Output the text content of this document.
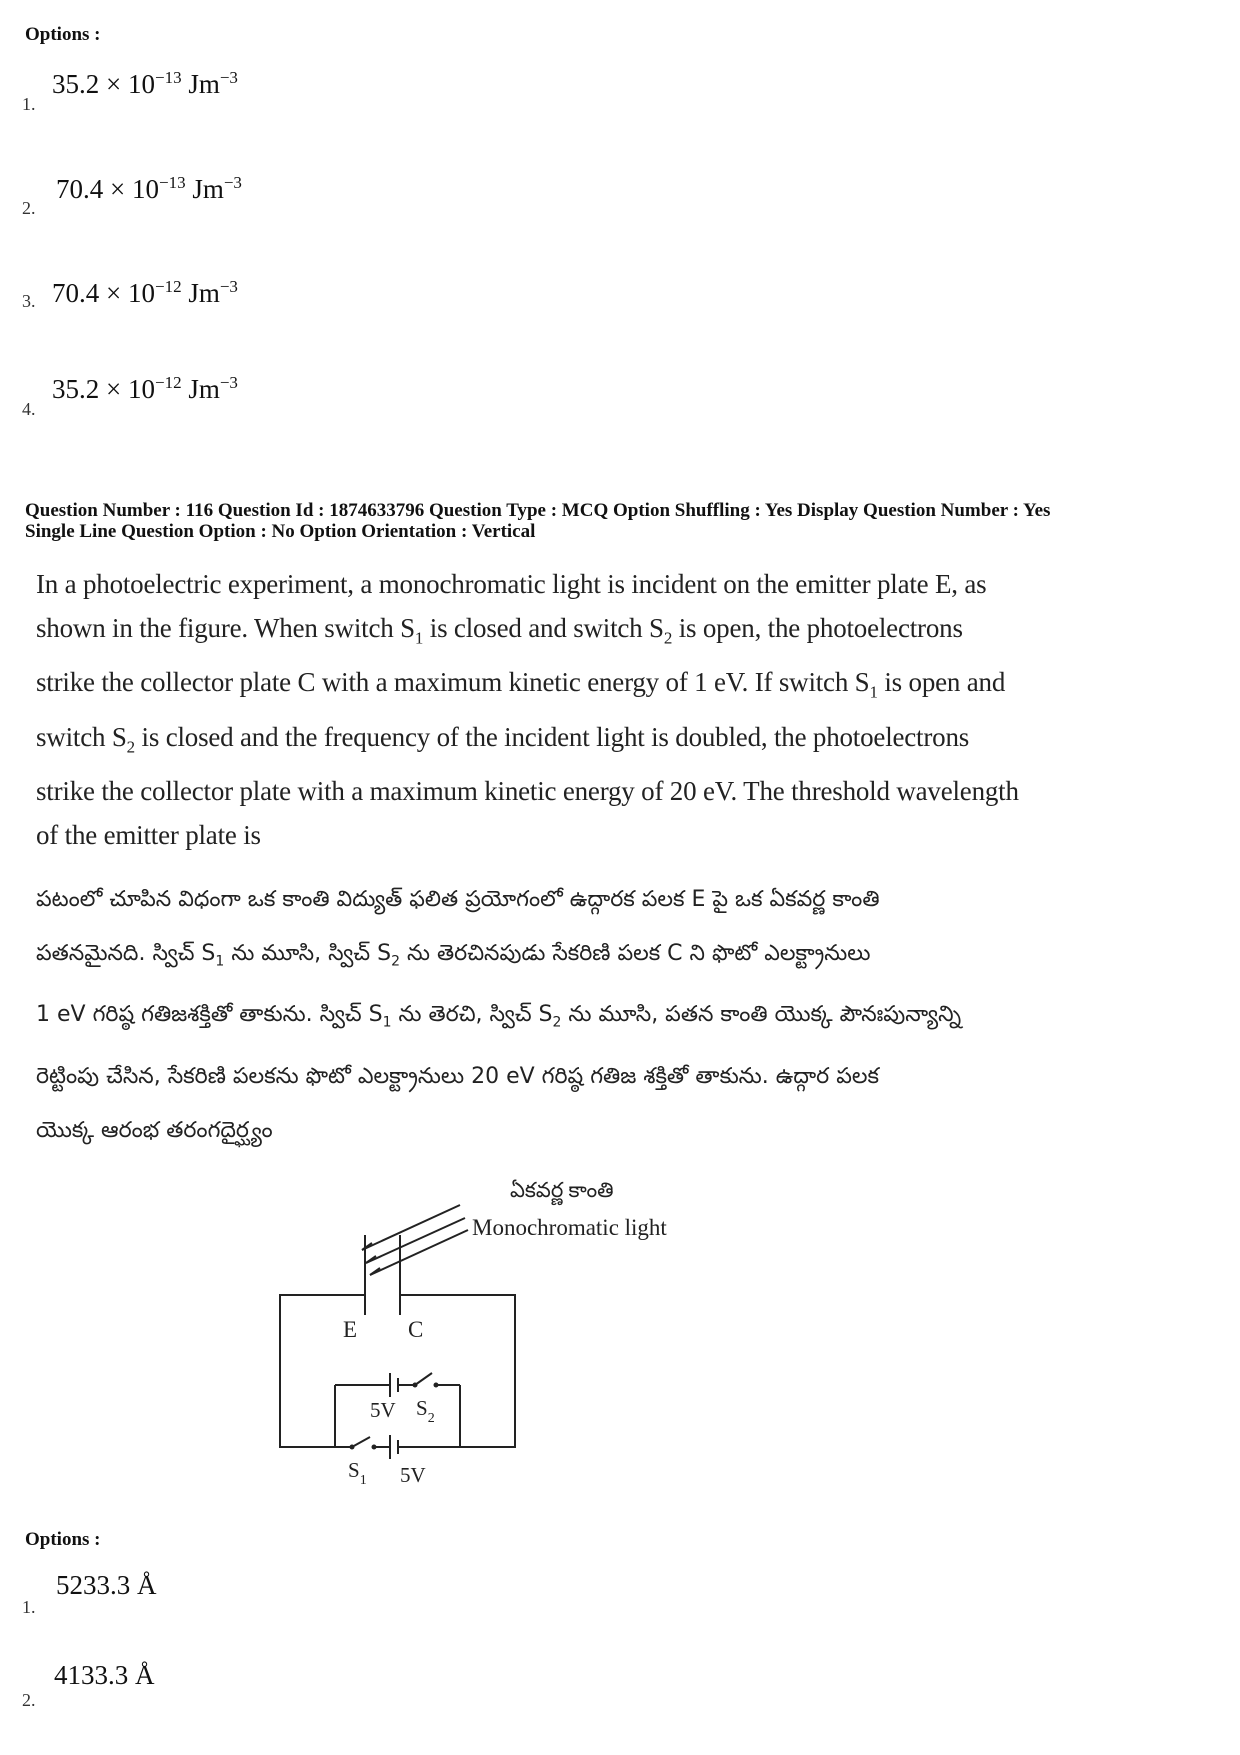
Options :
1.
$35.2 \times 10^{-13}$ $Jm^{-3}$
2.
$70.4 \times 10^{-13}$ $Jm^{-3}$
3. $70.4 \times 10^{-12}$ $Jm^{-3}$
4.
$35.2 \times 10^{-12}$ $Jm^{-3}$
Question Number : 116 Question Id : 1874633796 Question Type : MCQ Option Shuffling : Yes Display Question Number : Yes
Single Line Question Option : No Option Orientation : Vertical
In a photoelectric experiment, a monochromatic light is incident on the emitter plate E, as
shown in the figure. When switch $S_1$ is closed and switch $S_2$ is open, the photoelectrons
strike the collector plate C with a maximum kinetic energy of 1 eV. If switch $S_1$ is open and
switch $S_2$ is closed and the frequency of the incident light is doubled, the photoelectrons
strike the collector plate with a maximum kinetic energy of 20 eV. The threshold wavelength
of the emitter plate is
పటంలో చూపిన విధంగా ఒక కాంతి విద్యుత్ ఫలిత ప్రయోగంలో ఉద్గారక పలక E పై ఒక ఏకవర్ణ కాంతి
పతనమైనది. స్విచ్ $S_1$ ను మూసి, స్విచ్ $S_2$ ను తెరచినపుడు సేకరిణి పలక C ని ఫొటో ఎలక్ట్రానులు
1 eV గరిష్ఠ గతిజశక్తితో తాకును. స్విచ్ $S_1$ ను తెరచి, స్విచ్ $S_2$ ను మూసి, పతన కాంతి యొక్క పౌనఃపున్యాన్ని
రెట్టింపు చేసిన, సేకరిణి పలకను ఫొటో ఎలక్ట్రానులు 20 eV గరిష్ఠ గతిజ శక్తితో తాకును. ఉద్గార పలక
యొక్క ఆరంభ తరంగదైర్ఘ్యం
ఏకవర్ణ కాంతి
Monochromatic light
E C
5V $S_2$
$S_1$ 5V
Options :
1.
5233.3 Å
2.
4133.3 Å
